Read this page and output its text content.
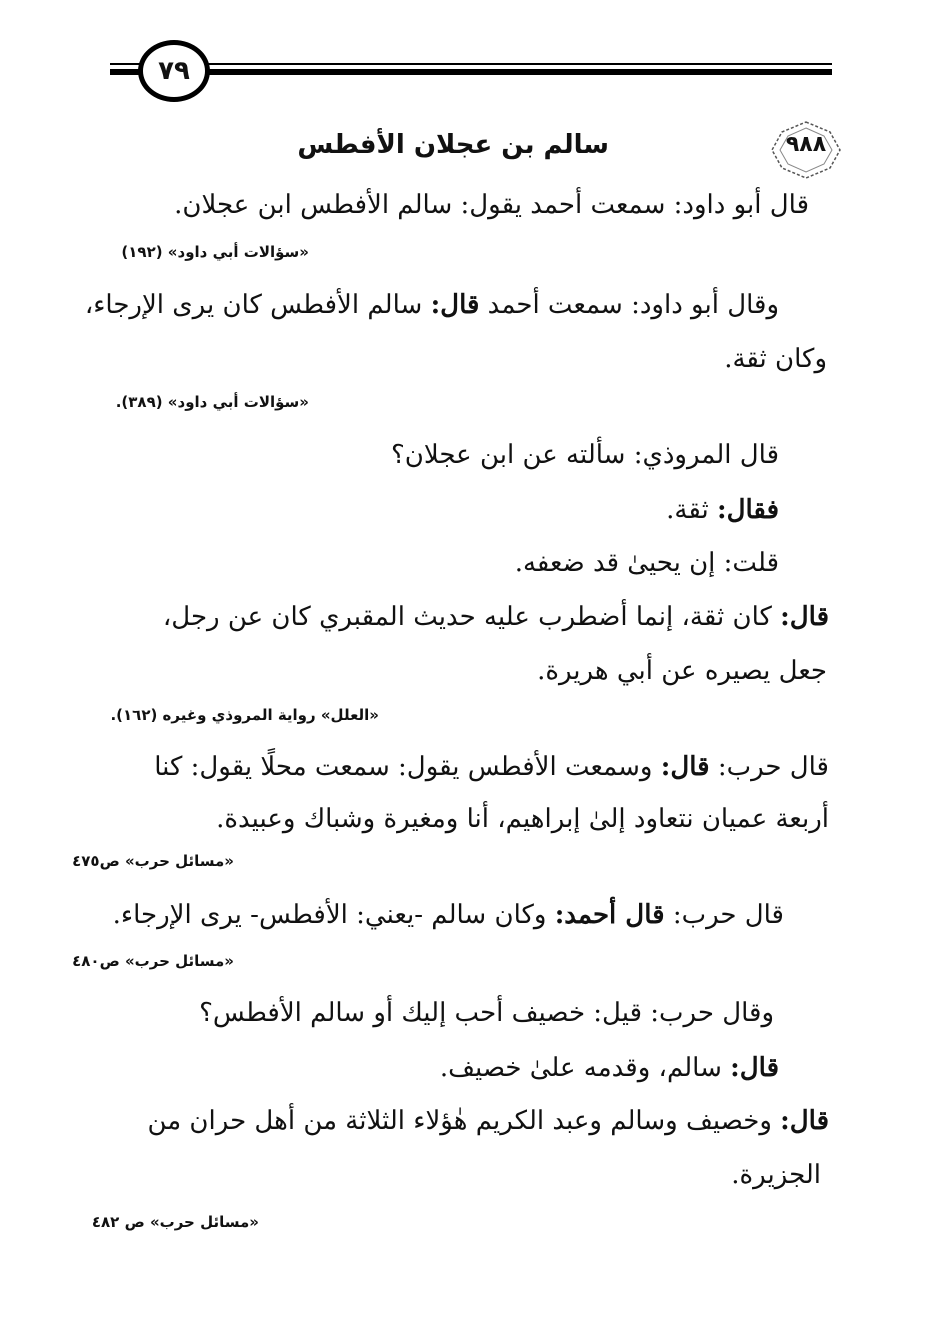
٧٩
٩٨٨
سالم بن عجلان الأفطس
قال أبو داود: سمعت أحمد يقول: سالم الأفطس ابن عجلان.
«سؤالات أبي داود» (١٩٢)
وقال أبو داود: سمعت أحمد قال: سالم الأفطس كان يرى الإرجاء،
وكان ثقة.
«سؤالات أبي داود» (٣٨٩).
قال المروذي: سألته عن ابن عجلان؟
فقال: ثقة.
قلت: إن يحيىٰ قد ضعفه.
قال: كان ثقة، إنما أضطرب عليه حديث المقبري كان عن رجل،
جعل يصيره عن أبي هريرة.
«العلل» رواية المروذي وغيره (١٦٢).
قال حرب: قال: وسمعت الأفطس يقول: سمعت محلًا يقول: كنا
أربعة عميان نتعاود إلىٰ إبراهيم، أنا ومغيرة وشباك وعبيدة.
«مسائل حرب» ص٤٧٥
قال حرب: قال أحمد: وكان سالم -يعني: الأفطس- يرى الإرجاء.
«مسائل حرب» ص٤٨٠
وقال حرب: قيل: خصيف أحب إليك أو سالم الأفطس؟
قال: سالم، وقدمه علىٰ خصيف.
قال: وخصيف وسالم وعبد الكريم هٰؤلاء الثلاثة من أهل حران من
الجزيرة.
«مسائل حرب» ص ٤٨٢
